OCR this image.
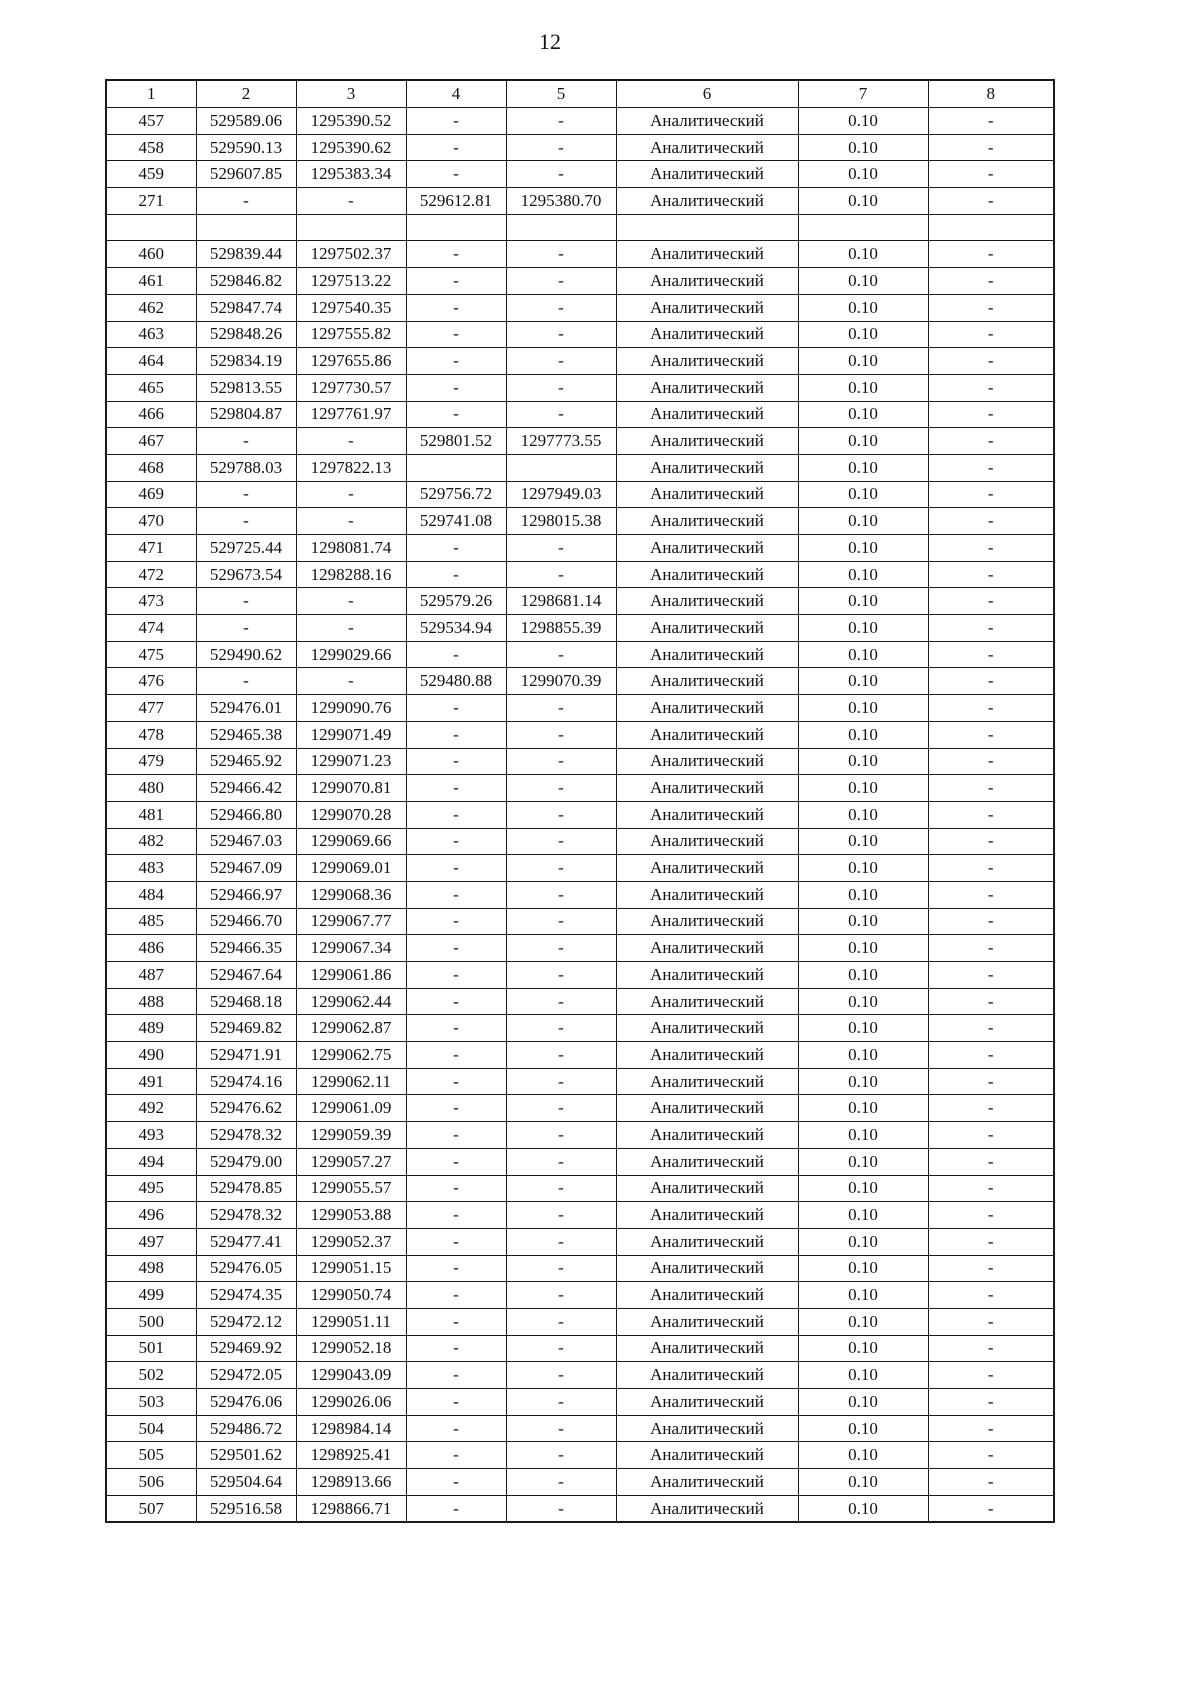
12
1	2	3	4	5	6	7	8
457	529589.06	1295390.52	-	-	Аналитический	0.10	-
458	529590.13	1295390.62	-	-	Аналитический	0.10	-
459	529607.85	1295383.34	-	-	Аналитический	0.10	-
271	-	-	529612.81	1295380.70	Аналитический	0.10	-

460	529839.44	1297502.37	-	-	Аналитический	0.10	-
461	529846.82	1297513.22	-	-	Аналитический	0.10	-
462	529847.74	1297540.35	-	-	Аналитический	0.10	-
463	529848.26	1297555.82	-	-	Аналитический	0.10	-
464	529834.19	1297655.86	-	-	Аналитический	0.10	-
465	529813.55	1297730.57	-	-	Аналитический	0.10	-
466	529804.87	1297761.97	-	-	Аналитический	0.10	-
467	-	-	529801.52	1297773.55	Аналитический	0.10	-
468	529788.03	1297822.13			Аналитический	0.10	-
469	-	-	529756.72	1297949.03	Аналитический	0.10	-
470	-	-	529741.08	1298015.38	Аналитический	0.10	-
471	529725.44	1298081.74	-	-	Аналитический	0.10	-
472	529673.54	1298288.16	-	-	Аналитический	0.10	-
473	-	-	529579.26	1298681.14	Аналитический	0.10	-
474	-	-	529534.94	1298855.39	Аналитический	0.10	-
475	529490.62	1299029.66	-	-	Аналитический	0.10	-
476	-	-	529480.88	1299070.39	Аналитический	0.10	-
477	529476.01	1299090.76	-	-	Аналитический	0.10	-
478	529465.38	1299071.49	-	-	Аналитический	0.10	-
479	529465.92	1299071.23	-	-	Аналитический	0.10	-
480	529466.42	1299070.81	-	-	Аналитический	0.10	-
481	529466.80	1299070.28	-	-	Аналитический	0.10	-
482	529467.03	1299069.66	-	-	Аналитический	0.10	-
483	529467.09	1299069.01	-	-	Аналитический	0.10	-
484	529466.97	1299068.36	-	-	Аналитический	0.10	-
485	529466.70	1299067.77	-	-	Аналитический	0.10	-
486	529466.35	1299067.34	-	-	Аналитический	0.10	-
487	529467.64	1299061.86	-	-	Аналитический	0.10	-
488	529468.18	1299062.44	-	-	Аналитический	0.10	-
489	529469.82	1299062.87	-	-	Аналитический	0.10	-
490	529471.91	1299062.75	-	-	Аналитический	0.10	-
491	529474.16	1299062.11	-	-	Аналитический	0.10	-
492	529476.62	1299061.09	-	-	Аналитический	0.10	-
493	529478.32	1299059.39	-	-	Аналитический	0.10	-
494	529479.00	1299057.27	-	-	Аналитический	0.10	-
495	529478.85	1299055.57	-	-	Аналитический	0.10	-
496	529478.32	1299053.88	-	-	Аналитический	0.10	-
497	529477.41	1299052.37	-	-	Аналитический	0.10	-
498	529476.05	1299051.15	-	-	Аналитический	0.10	-
499	529474.35	1299050.74	-	-	Аналитический	0.10	-
500	529472.12	1299051.11	-	-	Аналитический	0.10	-
501	529469.92	1299052.18	-	-	Аналитический	0.10	-
502	529472.05	1299043.09	-	-	Аналитический	0.10	-
503	529476.06	1299026.06	-	-	Аналитический	0.10	-
504	529486.72	1298984.14	-	-	Аналитический	0.10	-
505	529501.62	1298925.41	-	-	Аналитический	0.10	-
506	529504.64	1298913.66	-	-	Аналитический	0.10	-
507	529516.58	1298866.71	-	-	Аналитический	0.10	-
